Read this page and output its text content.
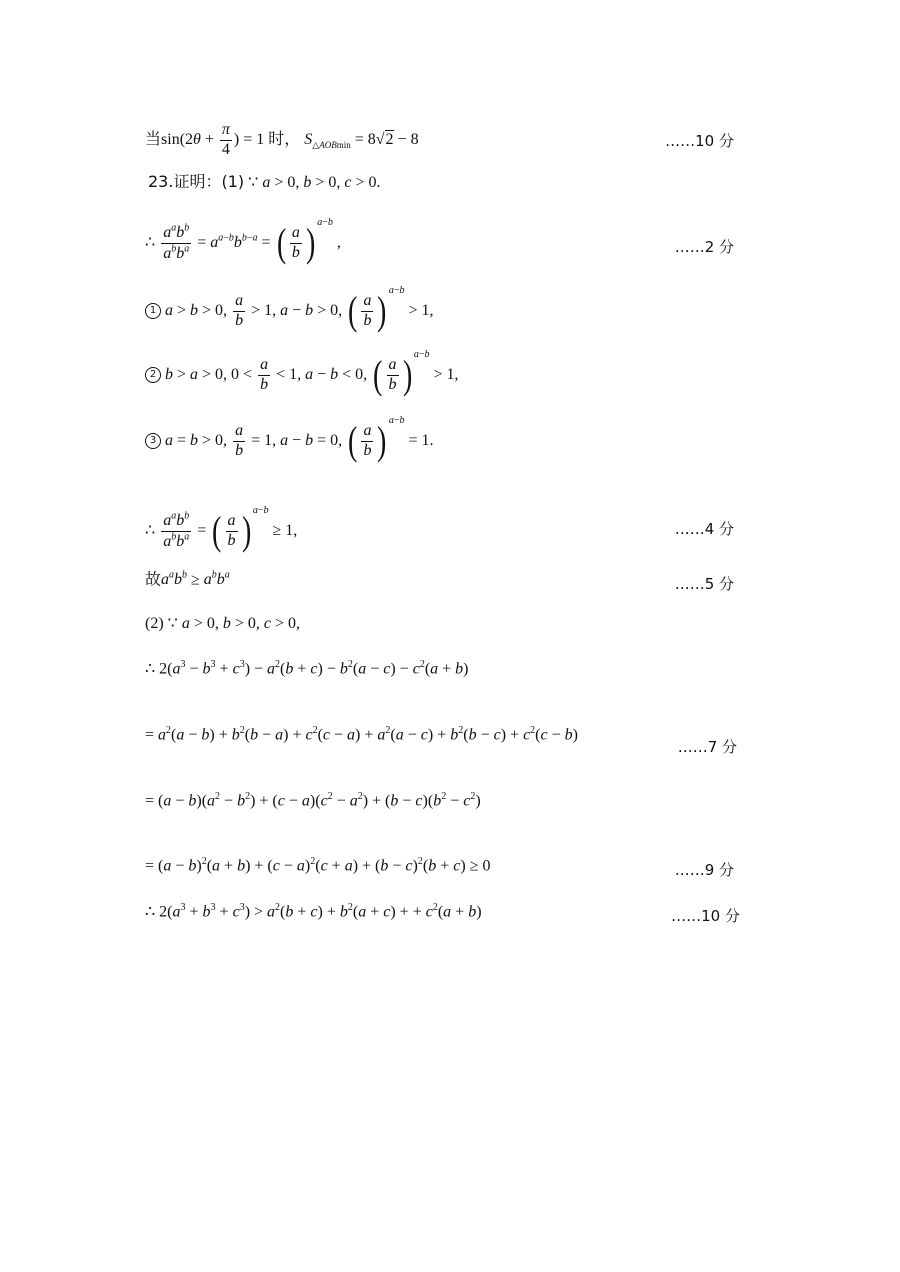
当$\sin(2\theta + \frac{\pi}{4}$ ) = 1 时， $S_{\triangle AOBmin} = 8√2 - 8$	……10 分
23.证明：(1) ∵ a > 0, b > 0, c > 0.
∴ $\frac{a^ab^b}{a^bb^a} = a^{a-b}b^{b-a}$ = ( $\frac{a}{b}$ ) $^{a-b}$ ,	……2 分
1 a > b > 0, $\frac{a}{b} > 1$, a − b > 0, ( $\frac{a}{b}$ ) $^{a-b}$ > 1,
2 b > a > 0, $0 < \frac{a}{b} < 1$, a − b < 0, ( $\frac{a}{b}$ ) $^{a-b}$ > 1,
3 a = b > 0, $\frac{a}{b} = 1$, a − b = 0, ( $\frac{a}{b}$ ) $^{a-b}$ = 1.
∴ $\frac{a^ab^b}{a^bb^a}$ = ( $\frac{a}{b}$ ) $^{a-b}$ ≥ 1,	……4 分
故$a^ab^b \ge a^bb^a$	……5 分
(2) ∵ a > 0, b > 0, c > 0,
∴ $2(a^3 - b^3 + c^3) - a^2(b + c) - b^2(a - c) - c^2(a + b)$
= $a^2(a - b) + b^2(b - a) + c^2(c - a) + a^2(a - c) + b^2(b - c) + c^2(c - b)$
……7 分
= $(a - b)(a^2 - b^2) + (c - a)(c^2 - a^2) + (b - c)(b^2 - c^2)$
= $(a - b)^2(a + b) + (c - a)^2(c + a) + (b - c)^2(b + c) \ge 0$	……9 分
∴ $2(a^3 + b^3 + c^3) > a^2(b + c) + b^2(a + c)$ + + $c^2(a + b)$	……10 分
